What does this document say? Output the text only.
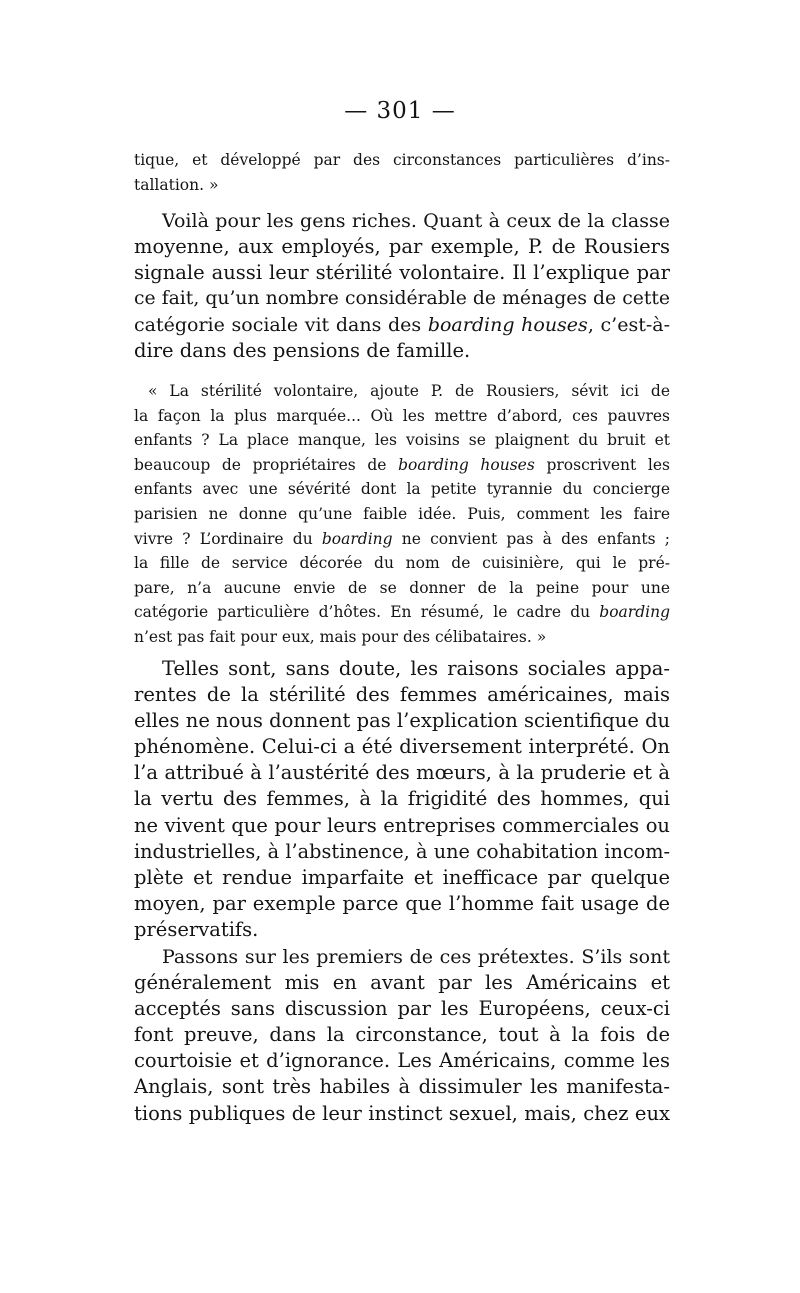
— 301 —
tique, et développé par des circonstances particulières d’ins-
tallation. »
Voilà pour les gens riches. Quant à ceux de la classe
moyenne, aux employés, par exemple, P. de Rousiers
signale aussi leur stérilité volontaire. Il l’explique par
ce fait, qu’un nombre considérable de ménages de cette
catégorie sociale vit dans des boarding houses, c’est-à-
dire dans des pensions de famille.
« La stérilité volontaire, ajoute P. de Rousiers, sévit ici de
la façon la plus marquée... Où les mettre d’abord, ces pauvres
enfants ? La place manque, les voisins se plaignent du bruit et
beaucoup de propriétaires de boarding houses proscrivent les
enfants avec une sévérité dont la petite tyrannie du concierge
parisien ne donne qu’une faible idée. Puis, comment les faire
vivre ? L’ordinaire du boarding ne convient pas à des enfants ;
la fille de service décorée du nom de cuisinière, qui le pré-
pare, n’a aucune envie de se donner de la peine pour une
catégorie particulière d’hôtes. En résumé, le cadre du boarding
n’est pas fait pour eux, mais pour des célibataires. »
Telles sont, sans doute, les raisons sociales appa-
rentes de la stérilité des femmes américaines, mais
elles ne nous donnent pas l’explication scientifique du
phénomène. Celui-ci a été diversement interprété. On
l’a attribué à l’austérité des mœurs, à la pruderie et à
la vertu des femmes, à la frigidité des hommes, qui
ne vivent que pour leurs entreprises commerciales ou
industrielles, à l’abstinence, à une cohabitation incom-
plète et rendue imparfaite et inefficace par quelque
moyen, par exemple parce que l’homme fait usage de
préservatifs.
Passons sur les premiers de ces prétextes. S’ils sont
généralement mis en avant par les Américains et
acceptés sans discussion par les Européens, ceux-ci
font preuve, dans la circonstance, tout à la fois de
courtoisie et d’ignorance. Les Américains, comme les
Anglais, sont très habiles à dissimuler les manifesta-
tions publiques de leur instinct sexuel, mais, chez eux
